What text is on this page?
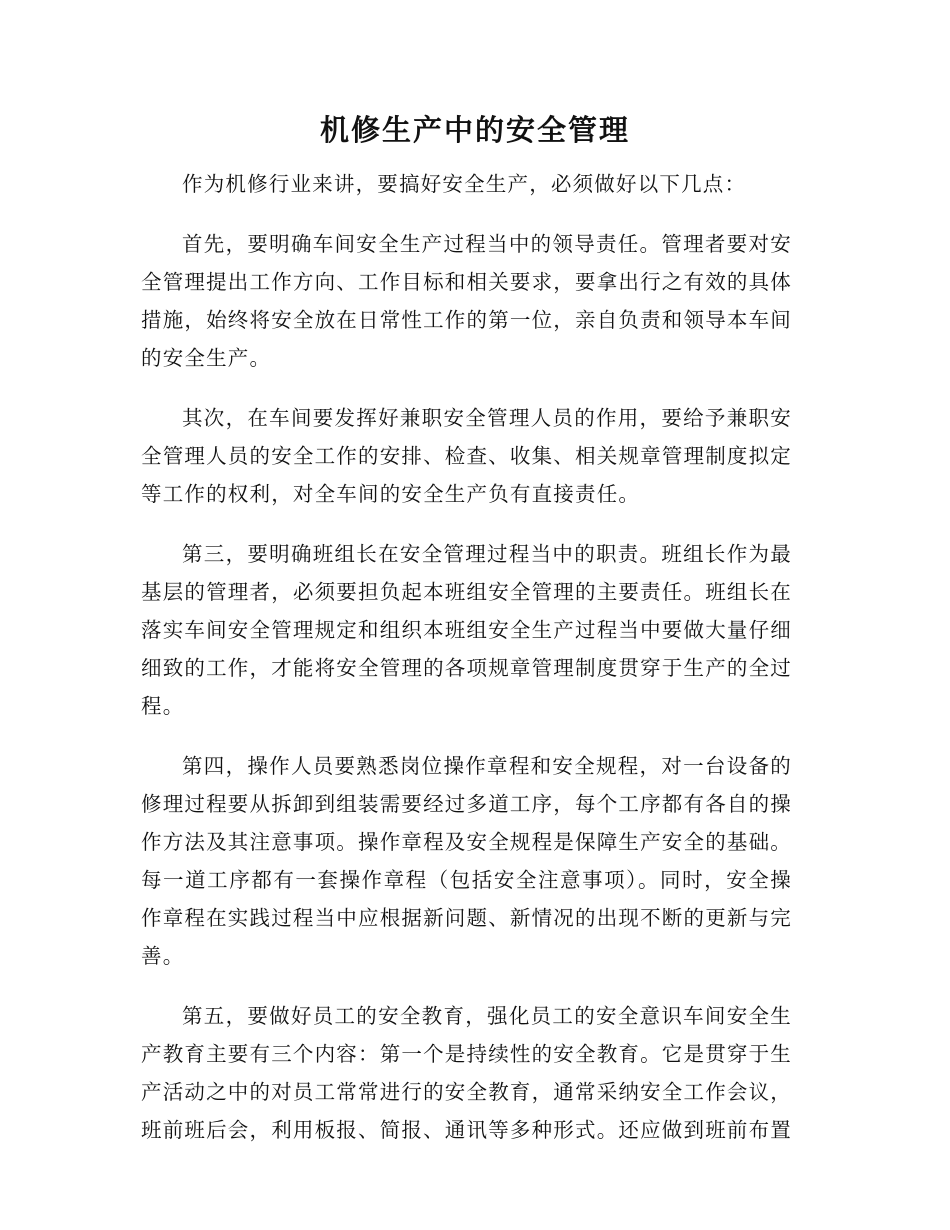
机修生产中的安全管理

作为机修行业来讲，要搞好安全生产，必须做好以下几点：

首先，要明确车间安全生产过程当中的领导责任。管理者要对安全管理提出工作方向、工作目标和相关要求，要拿出行之有效的具体措施，始终将安全放在日常性工作的第一位，亲自负责和领导本车间的安全生产。

其次，在车间要发挥好兼职安全管理人员的作用，要给予兼职安全管理人员的安全工作的安排、检查、收集、相关规章管理制度拟定等工作的权利，对全车间的安全生产负有直接责任。

第三，要明确班组长在安全管理过程当中的职责。班组长作为最基层的管理者，必须要担负起本班组安全管理的主要责任。班组长在落实车间安全管理规定和组织本班组安全生产过程当中要做大量仔细细致的工作，才能将安全管理的各项规章管理制度贯穿于生产的全过程。

第四，操作人员要熟悉岗位操作章程和安全规程，对一台设备的修理过程要从拆卸到组装需要经过多道工序，每个工序都有各自的操作方法及其注意事项。操作章程及安全规程是保障生产安全的基础。每一道工序都有一套操作章程（包括安全注意事项）。同时，安全操作章程在实践过程当中应根据新问题、新情况的出现不断的更新与完善。

第五，要做好员工的安全教育，强化员工的安全意识车间安全生产教育主要有三个内容：第一个是持续性的安全教育。它是贯穿于生产活动之中的对员工常常进行的安全教育，通常采纳安全工作会议，班前班后会，利用板报、简报、通讯等多种形式。还应做到班前布置
